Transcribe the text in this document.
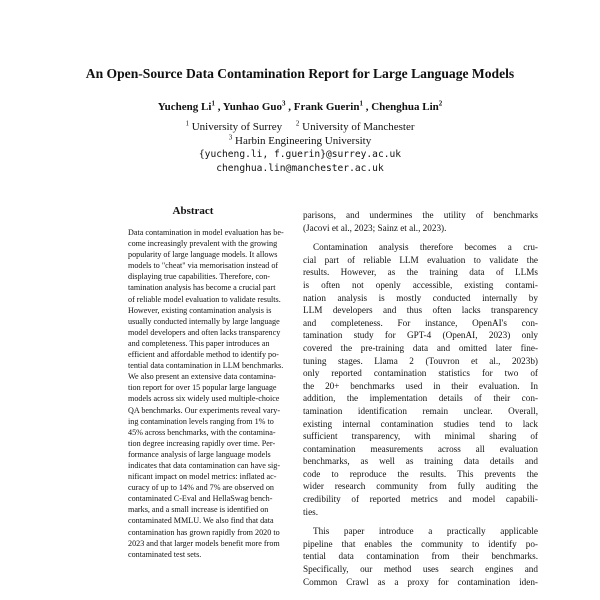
An Open-Source Data Contamination Report for Large Language Models
Yucheng Li$^1$ , Yunhao Guo$^3$ , Frank Guerin$^1$ , Chenghua Lin$^2$
$^1$ University of Surrey $^2$ University of Manchester
$^3$ Harbin Engineering University
{yucheng.li, f.guerin}@surrey.ac.uk
chenghua.lin@manchester.ac.uk
Abstract
Data contamination in model evaluation has be-
come increasingly prevalent with the growing
popularity of large language models. It allows
models to "cheat" via memorisation instead of
displaying true capabilities. Therefore, con-
tamination analysis has become a crucial part
of reliable model evaluation to validate results.
However, existing contamination analysis is
usually conducted internally by large language
model developers and often lacks transparency
and completeness. This paper introduces an
efficient and affordable method to identify po-
tential data contamination in LLM benchmarks.
We also present an extensive data contamina-
tion report for over 15 popular large language
models across six widely used multiple-choice
QA benchmarks. Our experiments reveal vary-
ing contamination levels ranging from 1% to
45% across benchmarks, with the contamina-
tion degree increasing rapidly over time. Per-
formance analysis of large language models
indicates that data contamination can have sig-
nificant impact on model metrics: inflated ac-
curacy of up to 14% and 7% are observed on
contaminated C-Eval and HellaSwag bench-
marks, and a small increase is identified on
contaminated MMLU. We also find that data
contamination has grown rapidly from 2020 to
2023 and that larger models benefit more from
contaminated test sets.
parisons, and undermines the utility of benchmarks
(Jacovi et al., 2023; Sainz et al., 2023).
Contamination analysis therefore becomes a cru-
cial part of reliable LLM evaluation to validate the
results. However, as the training data of LLMs
is often not openly accessible, existing contami-
nation analysis is mostly conducted internally by
LLM developers and thus often lacks transparency
and completeness. For instance, OpenAI's con-
tamination study for GPT-4 (OpenAI, 2023) only
covered the pre-training data and omitted later fine-
tuning stages. Llama 2 (Touvron et al., 2023b)
only reported contamination statistics for two of
the 20+ benchmarks used in their evaluation. In
addition, the implementation details of their con-
tamination identification remain unclear. Overall,
existing internal contamination studies tend to lack
sufficient transparency, with minimal sharing of
contamination measurements across all evaluation
benchmarks, as well as training data details and
code to reproduce the results. This prevents the
wider research community from fully auditing the
credibility of reported metrics and model capabili-
ties.
This paper introduce a practically applicable
pipeline that enables the community to identify po-
tential data contamination from their benchmarks.
Specifically, our method uses search engines and
Common Crawl as a proxy for contamination iden-
